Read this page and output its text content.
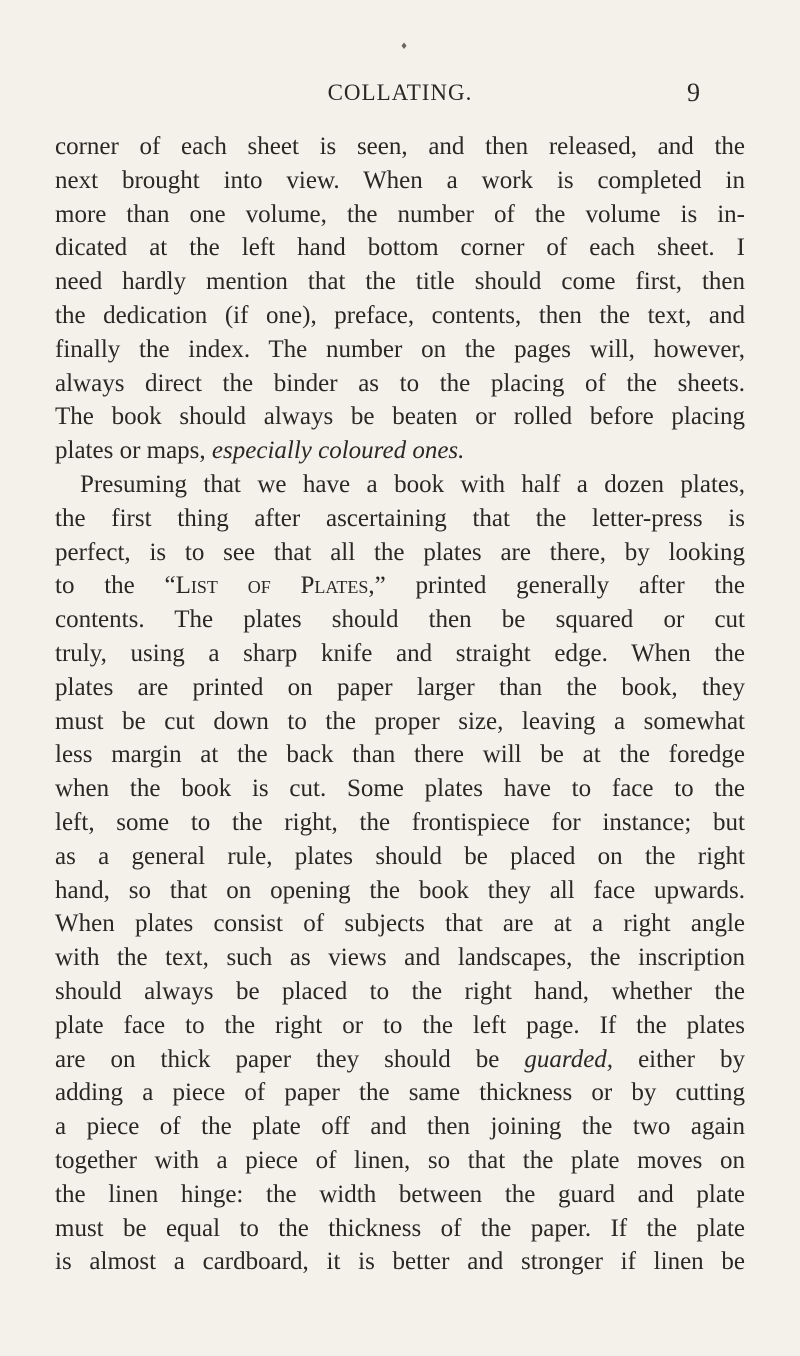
♦
COLLATING.	9
corner of each sheet is seen, and then released, and the
next brought into view. When a work is completed in
more than one volume, the number of the volume is in-
dicated at the left hand bottom corner of each sheet. I
need hardly mention that the title should come first, then
the dedication (if one), preface, contents, then the text, and
finally the index. The number on the pages will, however,
always direct the binder as to the placing of the sheets.
The book should always be beaten or rolled before placing
plates or maps, especially coloured ones.
Presuming that we have a book with half a dozen plates,
the first thing after ascertaining that the letter-press is
perfect, is to see that all the plates are there, by looking
to the “List of Plates,” printed generally after the
contents. The plates should then be squared or cut
truly, using a sharp knife and straight edge. When the
plates are printed on paper larger than the book, they
must be cut down to the proper size, leaving a somewhat
less margin at the back than there will be at the foredge
when the book is cut. Some plates have to face to the
left, some to the right, the frontispiece for instance; but
as a general rule, plates should be placed on the right
hand, so that on opening the book they all face upwards.
When plates consist of subjects that are at a right angle
with the text, such as views and landscapes, the inscription
should always be placed to the right hand, whether the
plate face to the right or to the left page. If the plates
are on thick paper they should be guarded, either by
adding a piece of paper the same thickness or by cutting
a piece of the plate off and then joining the two again
together with a piece of linen, so that the plate moves on
the linen hinge: the width between the guard and plate
must be equal to the thickness of the paper. If the plate
is almost a cardboard, it is better and stronger if linen be
